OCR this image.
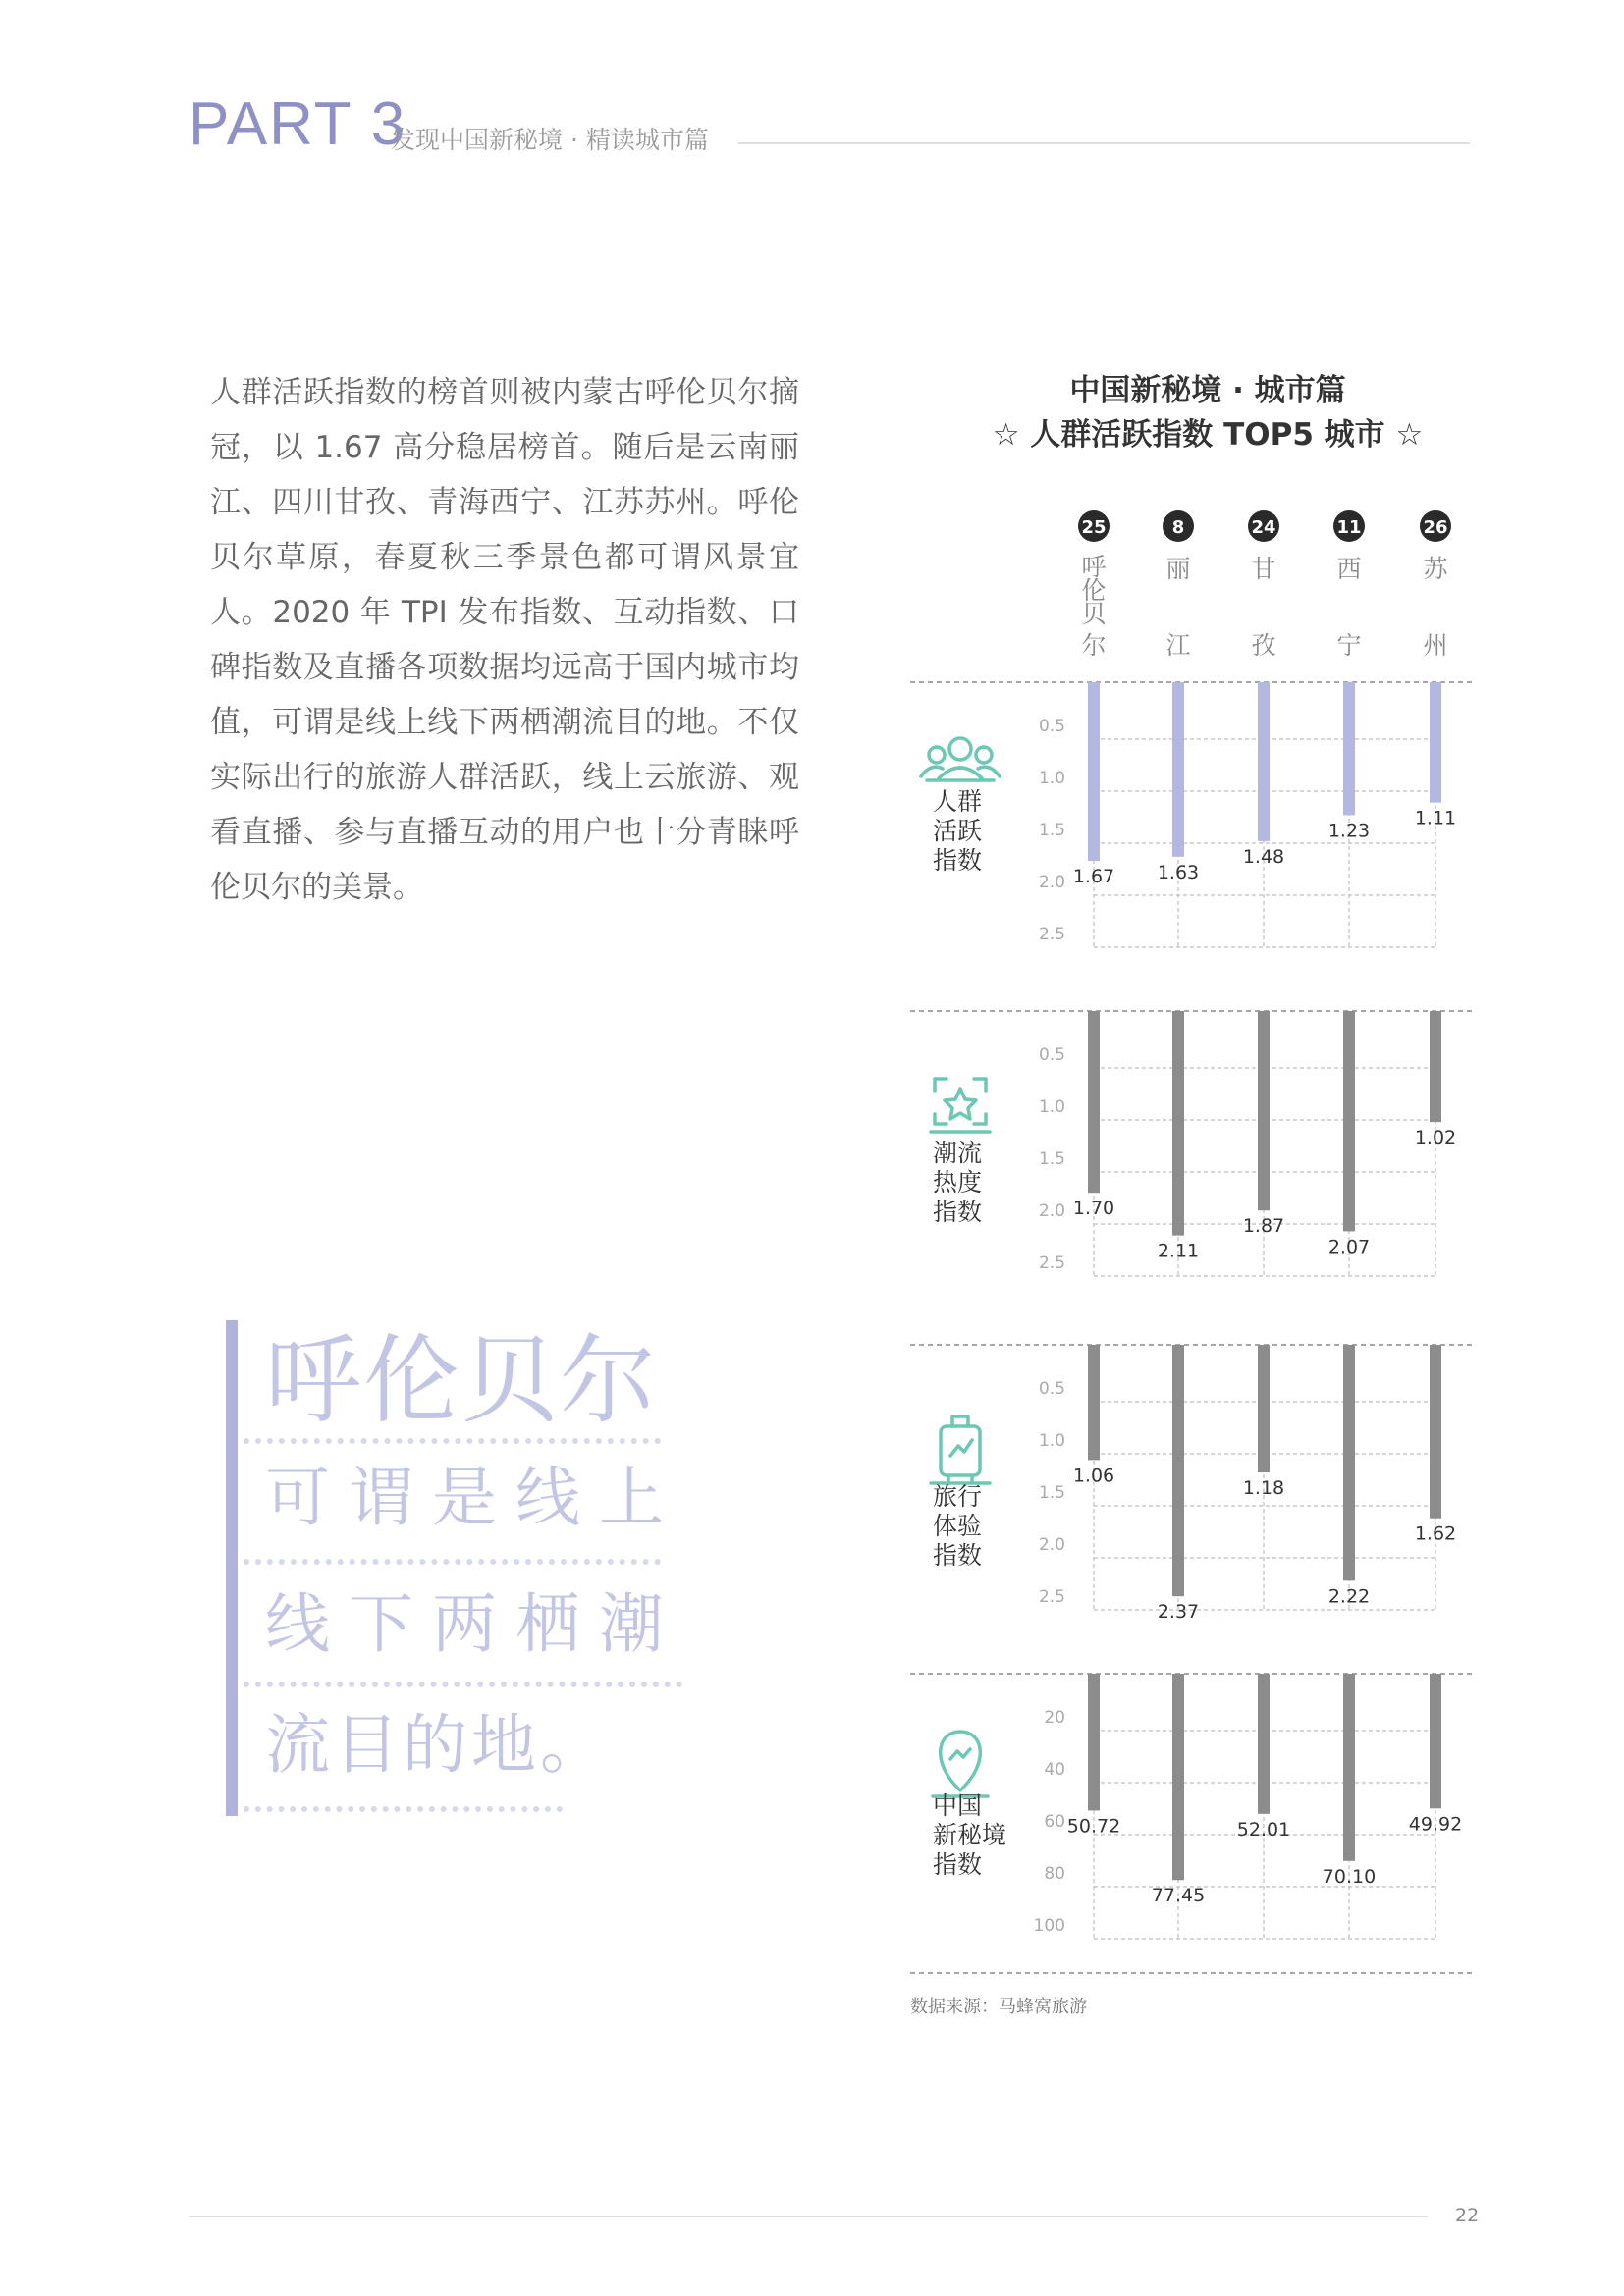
PART 3
发现中国新秘境 · 精读城市篇
人群活跃指数的榜首则被内蒙古呼伦贝尔摘冠，以 1.67 高分稳居榜首。随后是云南丽江、四川甘孜、青海西宁、江苏苏州。呼伦贝尔草原，春夏秋三季景色都可谓风景宜人。2020 年 TPI 发布指数、互动指数、口碑指数及直播各项数据均远高于国内城市均值，可谓是线上线下两栖潮流目的地。不仅实际出行的旅游人群活跃，线上云旅游、观看直播、参与直播互动的用户也十分青睐呼伦贝尔的美景。
呼伦贝尔
可谓是线上
线下两栖潮
流目的地。
中国新秘境 · 城市篇
☆ 人群活跃指数 TOP5 城市 ☆
25
呼伦贝尔
8
丽江
24
甘孜
11
西宁
26
苏州
0.5
1.0
1.5
2.0
2.5
1.67 1.63
1.48
1.23
1.11
人群
活跃
指数
0.5
1.0
1.5
2.0
2.5
1.70
2.11
1.87
2.07
1.02
潮流
热度
指数
0.5
1.0
1.5
2.0
2.5
1.06
2.37
1.18
2.22
1.62
旅行
体验
指数
20
40
60
80
100
50.72
77.45
52.01
70.10
49.92
中国
新秘境
指数
数据来源：马蜂窝旅游
22
